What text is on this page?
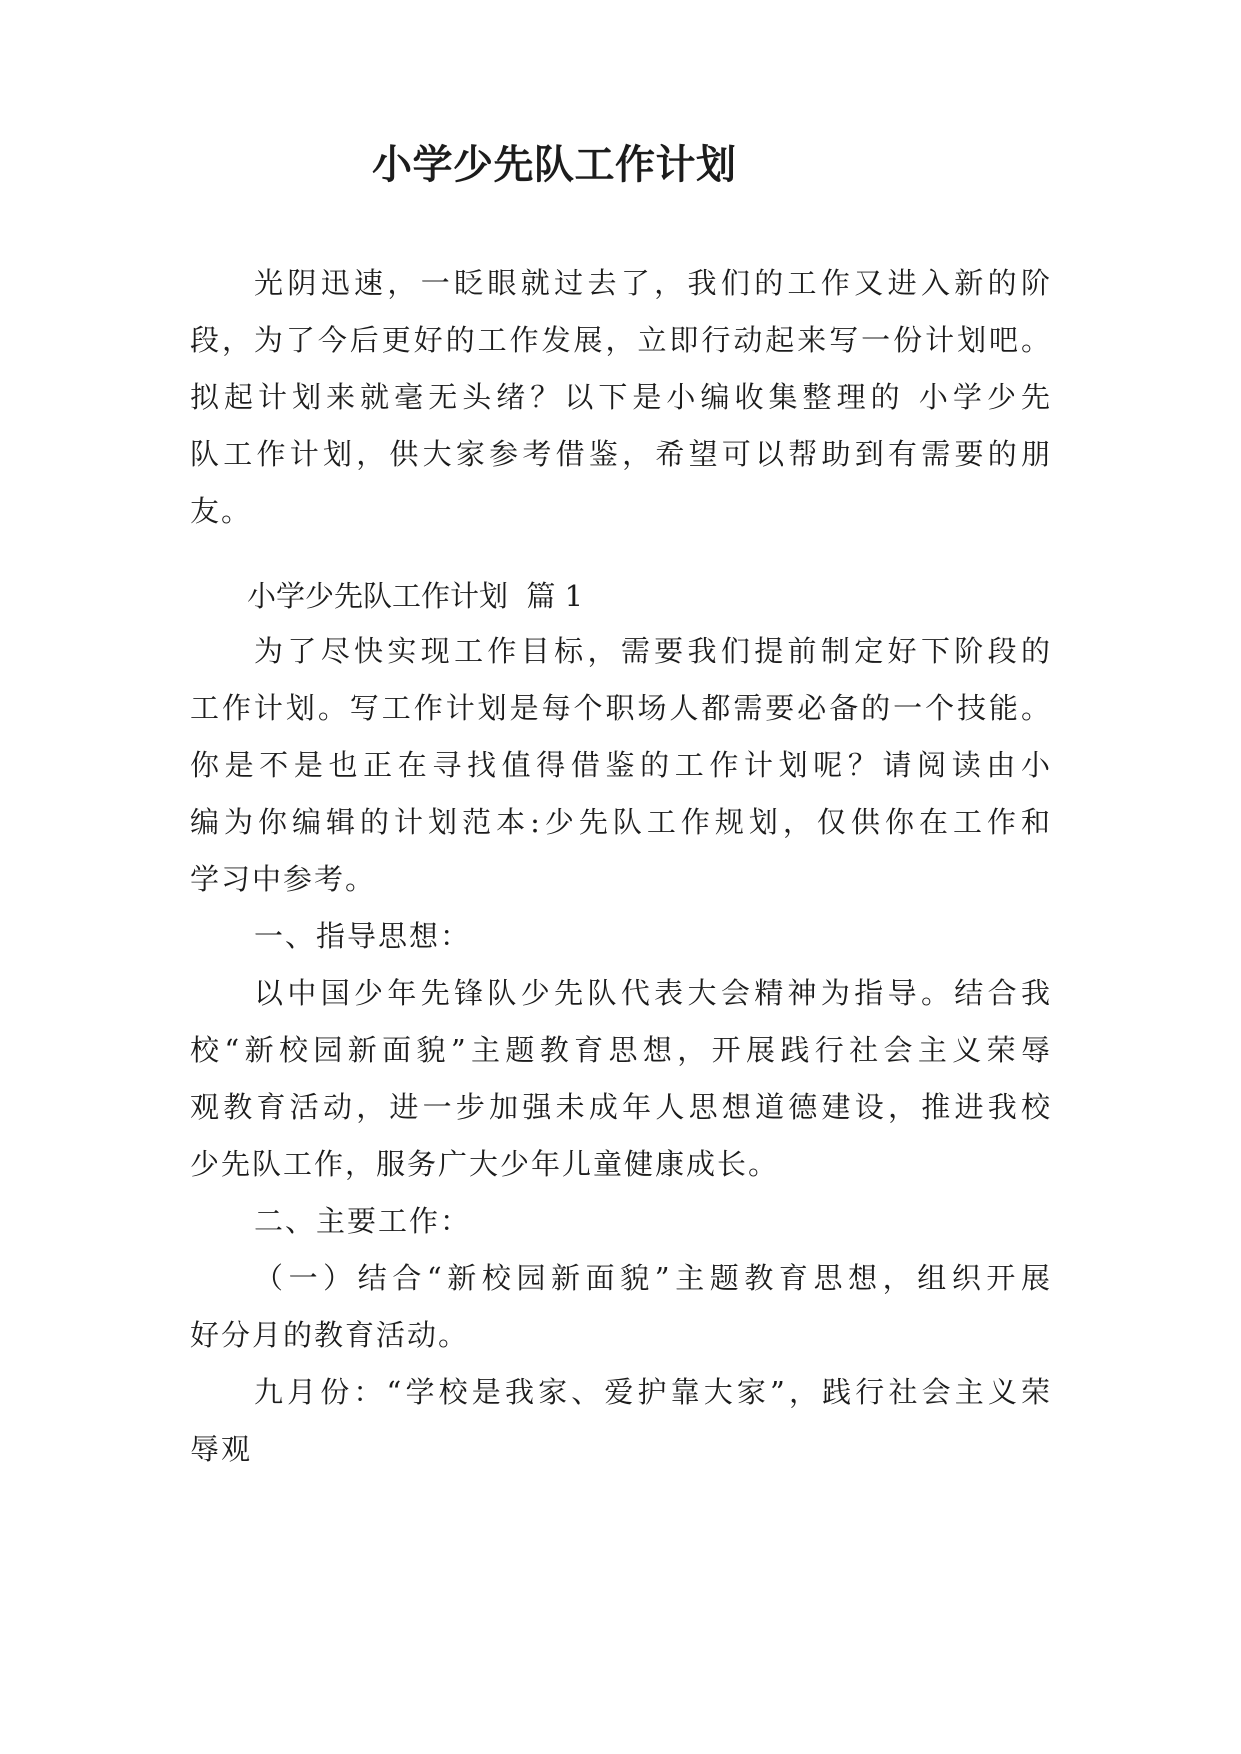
小学少先队工作计划
光阴迅速，一眨眼就过去了，我们的工作又进入新的阶
段，为了今后更好的工作发展，立即行动起来写一份计划吧。
拟起计划来就毫无头绪？以下是小编收集整理的 小学少先
队工作计划，供大家参考借鉴，希望可以帮助到有需要的朋
友。
小学少先队工作计划  篇 1
为了尽快实现工作目标，需要我们提前制定好下阶段的
工作计划。写工作计划是每个职场人都需要必备的一个技能。
你是不是也正在寻找值得借鉴的工作计划呢？请阅读由小
编为你编辑的计划范本:少先队工作规划，仅供你在工作和
学习中参考。
一、指导思想：
以中国少年先锋队少先队代表大会精神为指导。结合我
校“新校园新面貌”主题教育思想，开展践行社会主义荣辱
观教育活动，进一步加强未成年人思想道德建设，推进我校
少先队工作，服务广大少年儿童健康成长。
二、主要工作：
（一）结合“新校园新面貌”主题教育思想，组织开展
好分月的教育活动。
九月份：“学校是我家、爱护靠大家”，践行社会主义荣
辱观
